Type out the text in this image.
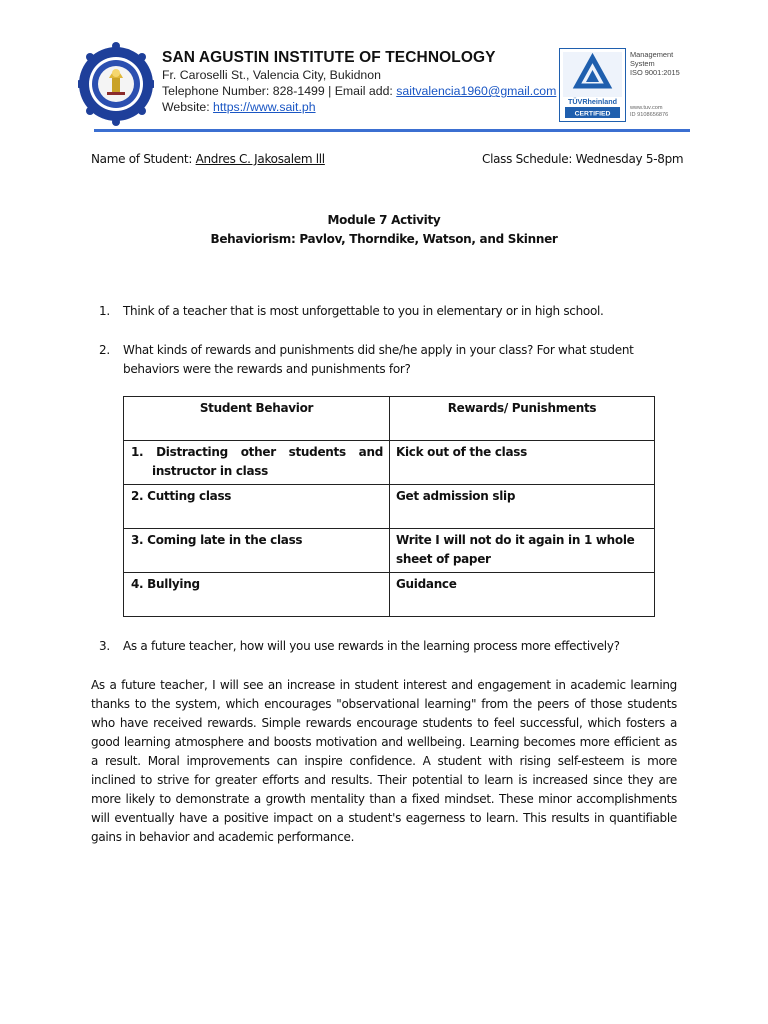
SAN AGUSTIN INSTITUTE OF TECHNOLOGY
Fr. Caroselli St., Valencia City, Bukidnon
Telephone Number: 828-1499 | Email add: saitvalencia1960@gmail.com
Website: https://www.sait.ph	TÜVRheinland
CERTIFIED
Management
System
ISO 9001:2015
www.tuv.com
ID 9108656876
Name of Student: Andres C. Jakosalem lll	Class Schedule: Wednesday 5-8pm
Module 7 Activity
Behaviorism: Pavlov, Thorndike, Watson, and Skinner
1. Think of a teacher that is most unforgettable to you in elementary or in high school.
2. What kinds of rewards and punishments did she/he apply in your class? For what student behaviors were the rewards and punishments for?
Student Behavior	Rewards/ Punishments
1. Distracting other students and instructor in class	Kick out of the class
2. Cutting class	Get admission slip
3. Coming late in the class	Write I will not do it again in 1 whole sheet of paper
4. Bullying	Guidance
3. As a future teacher, how will you use rewards in the learning process more effectively?
As a future teacher, I will see an increase in student interest and engagement in academic learning thanks to the system, which encourages "observational learning" from the peers of those students who have received rewards. Simple rewards encourage students to feel successful, which fosters a good learning atmosphere and boosts motivation and wellbeing. Learning becomes more efficient as a result. Moral improvements can inspire confidence. A student with rising self-esteem is more inclined to strive for greater efforts and results. Their potential to learn is increased since they are more likely to demonstrate a growth mentality than a fixed mindset. These minor accomplishments will eventually have a positive impact on a student's eagerness to learn. This results in quantifiable gains in behavior and academic performance.
